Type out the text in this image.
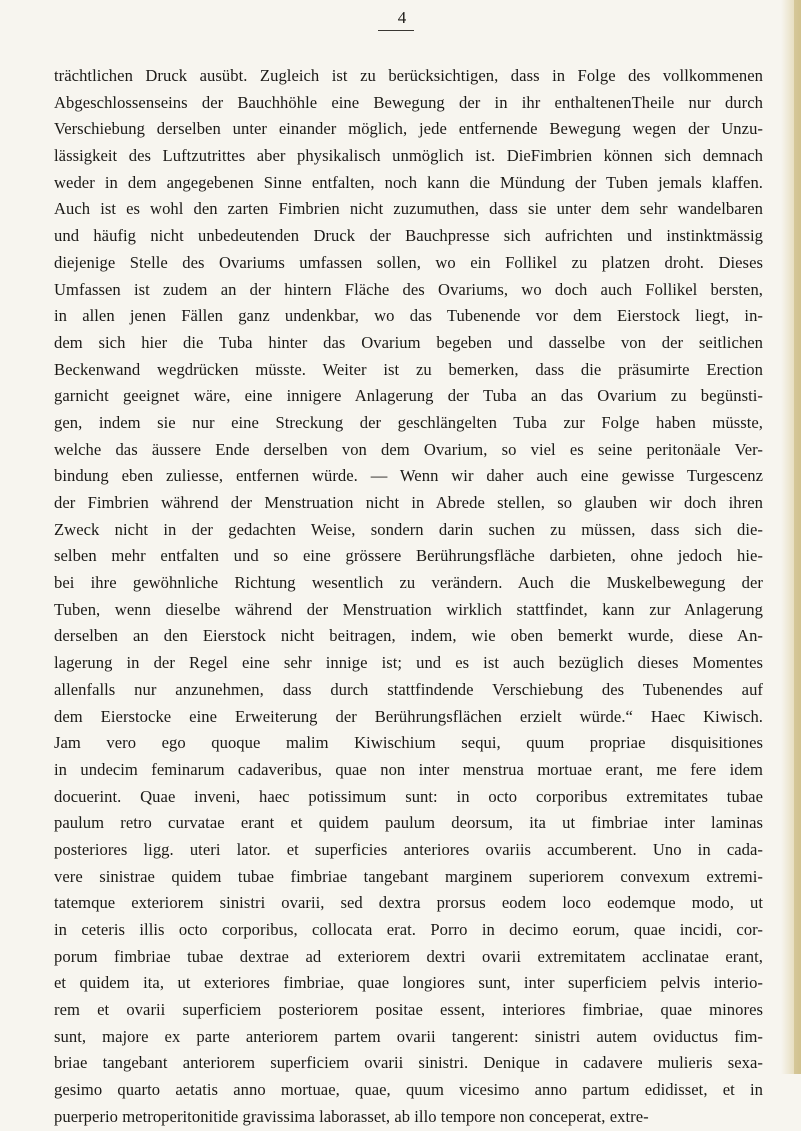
4
trächtlichen Druck ausübt. Zugleich ist zu berücksichtigen, dass in Folge des vollkommenen
Abgeschlossenseins der Bauchhöhle eine Bewegung der in ihr enthaltenenTheile nur durch
Verschiebung derselben unter einander möglich, jede entfernende Bewegung wegen der Unzu-
lässigkeit des Luftzutrittes aber physikalisch unmöglich ist. DieFimbrien können sich demnach
weder in dem angegebenen Sinne entfalten, noch kann die Mündung der Tuben jemals klaffen.
Auch ist es wohl den zarten Fimbrien nicht zuzumuthen, dass sie unter dem sehr wandelbaren
und häufig nicht unbedeutenden Druck der Bauchpresse sich aufrichten und instinktmässig
diejenige Stelle des Ovariums umfassen sollen, wo ein Follikel zu platzen droht. Dieses
Umfassen ist zudem an der hintern Fläche des Ovariums, wo doch auch Follikel bersten,
in allen jenen Fällen ganz undenkbar, wo das Tubenende vor dem Eierstock liegt, in-
dem sich hier die Tuba hinter das Ovarium begeben und dasselbe von der seitlichen
Beckenwand wegdrücken müsste. Weiter ist zu bemerken, dass die präsumirte Erection
garnicht geeignet wäre, eine innigere Anlagerung der Tuba an das Ovarium zu begünsti-
gen, indem sie nur eine Streckung der geschlängelten Tuba zur Folge haben müsste,
welche das äussere Ende derselben von dem Ovarium, so viel es seine peritonäale Ver-
bindung eben zuliesse, entfernen würde. — Wenn wir daher auch eine gewisse Turgescenz
der Fimbrien während der Menstruation nicht in Abrede stellen, so glauben wir doch ihren
Zweck nicht in der gedachten Weise, sondern darin suchen zu müssen, dass sich die-
selben mehr entfalten und so eine grössere Berührungsfläche darbieten, ohne jedoch hie-
bei ihre gewöhnliche Richtung wesentlich zu verändern. Auch die Muskelbewegung der
Tuben, wenn dieselbe während der Menstruation wirklich stattfindet, kann zur Anlagerung
derselben an den Eierstock nicht beitragen, indem, wie oben bemerkt wurde, diese An-
lagerung in der Regel eine sehr innige ist; und es ist auch bezüglich dieses Momentes
allenfalls nur anzunehmen, dass durch stattfindende Verschiebung des Tubenendes auf
dem Eierstocke eine Erweiterung der Berührungsflächen erzielt würde.“ Haec Kiwisch.
Jam vero ego quoque malim Kiwischium sequi, quum propriae disquisitiones
in undecim feminarum cadaveribus, quae non inter menstrua mortuae erant, me fere idem
docuerint. Quae inveni, haec potissimum sunt: in octo corporibus extremitates tubae
paulum retro curvatae erant et quidem paulum deorsum, ita ut fimbriae inter laminas
posteriores ligg. uteri lator. et superficies anteriores ovariis accumberent. Uno in cada-
vere sinistrae quidem tubae fimbriae tangebant marginem superiorem convexum extremi-
tatemque exteriorem sinistri ovarii, sed dextra prorsus eodem loco eodemque modo, ut
in ceteris illis octo corporibus, collocata erat. Porro in decimo eorum, quae incidi, cor-
porum fimbriae tubae dextrae ad exteriorem dextri ovarii extremitatem acclinatae erant,
et quidem ita, ut exteriores fimbriae, quae longiores sunt, inter superficiem pelvis interio-
rem et ovarii superficiem posteriorem positae essent, interiores fimbriae, quae minores
sunt, majore ex parte anteriorem partem ovarii tangerent: sinistri autem oviductus fim-
briae tangebant anteriorem superficiem ovarii sinistri. Denique in cadavere mulieris sexa-
gesimo quarto aetatis anno mortuae, quae, quum vicesimo anno partum edidisset, et in
puerperio metroperitonitide gravissima laborasset, ab illo tempore non conceperat, extre-
